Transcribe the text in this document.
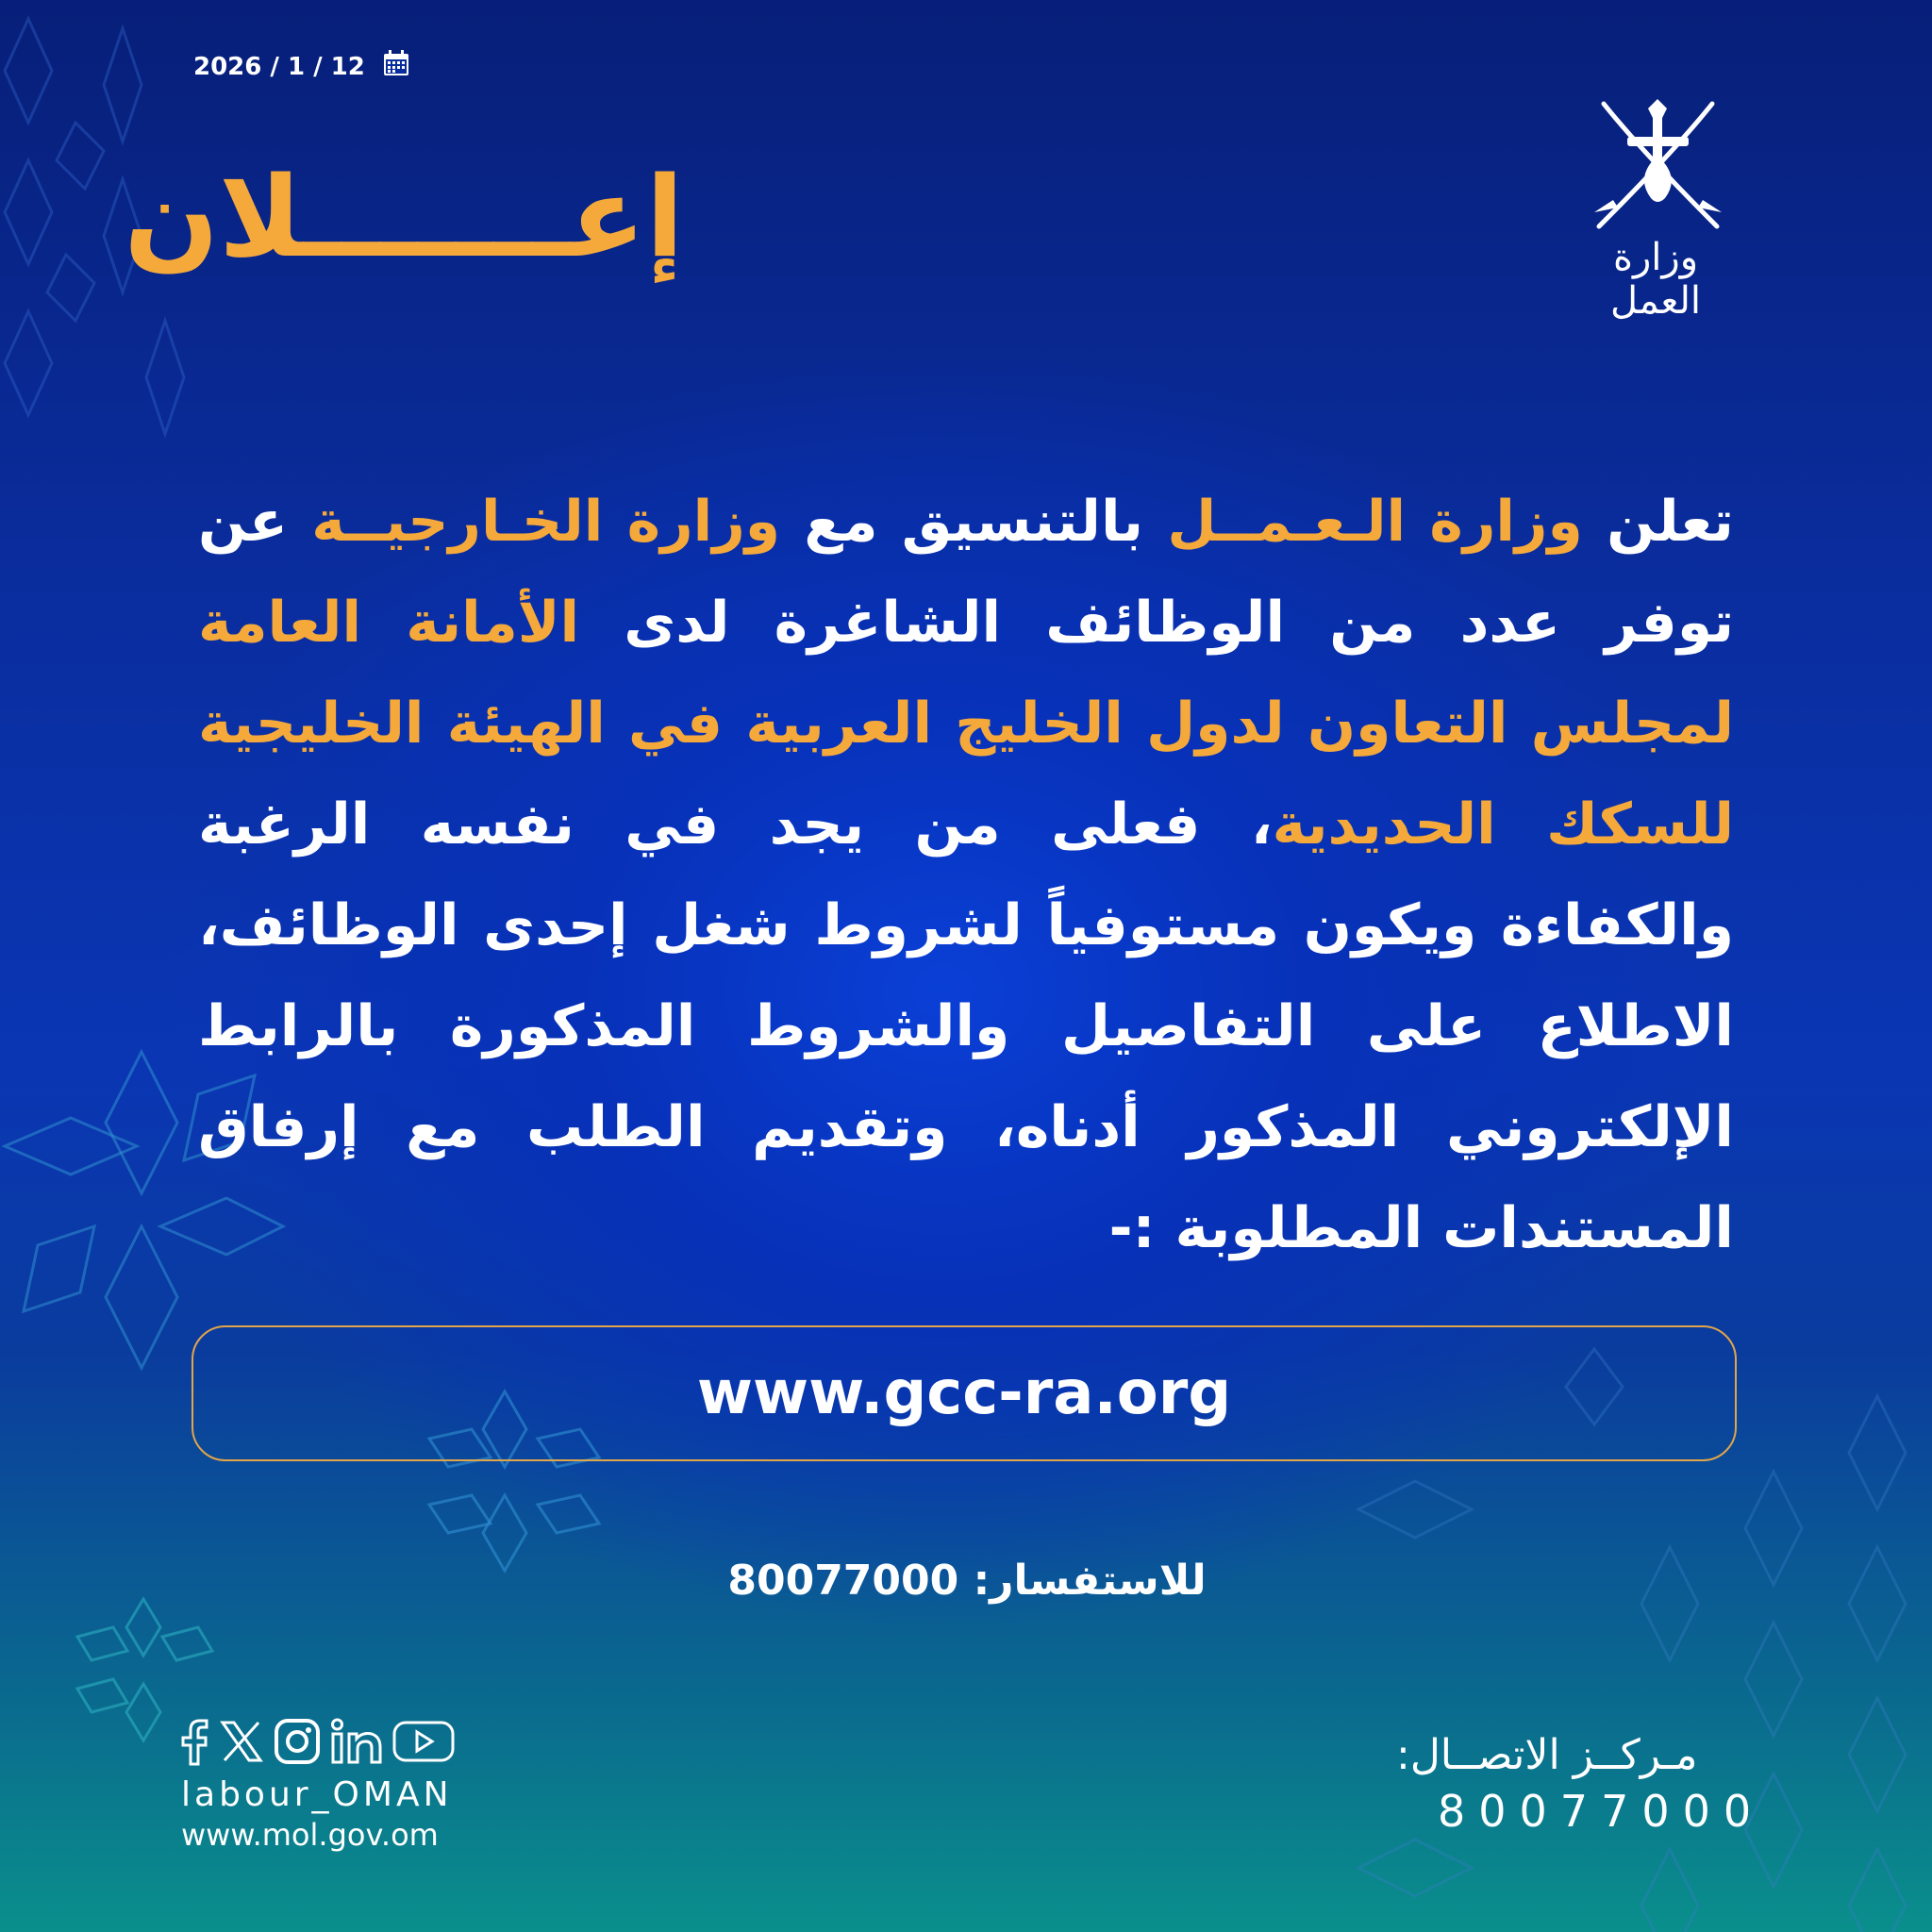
2026 / 1 / 12
إعـــــــلان	وزارة العمل
تعلن وزارة الـعـمــل بالتنسيق مع وزارة الخـارجيــة عن توفر عدد من الوظائف الشاغرة لدى الأمانة العامة لمجلس التعاون لدول الخليج العربية في الهيئة الخليجية للسكك الحديدية، فعلى من يجد في نفسه الرغبة والكفاءة ويكون مستوفياً لشروط شغل إحدى الوظائف، الاطلاع على التفاصيل والشروط المذكورة بالرابط الإلكتروني المذكور أدناه، وتقديم الطلب مع إرفاق المستندات المطلوبة :-
www.gcc-ra.org
للاستفسار: 80077000
labour_OMAN
www.mol.gov.om
مـركــز الاتصــال:
80077000
